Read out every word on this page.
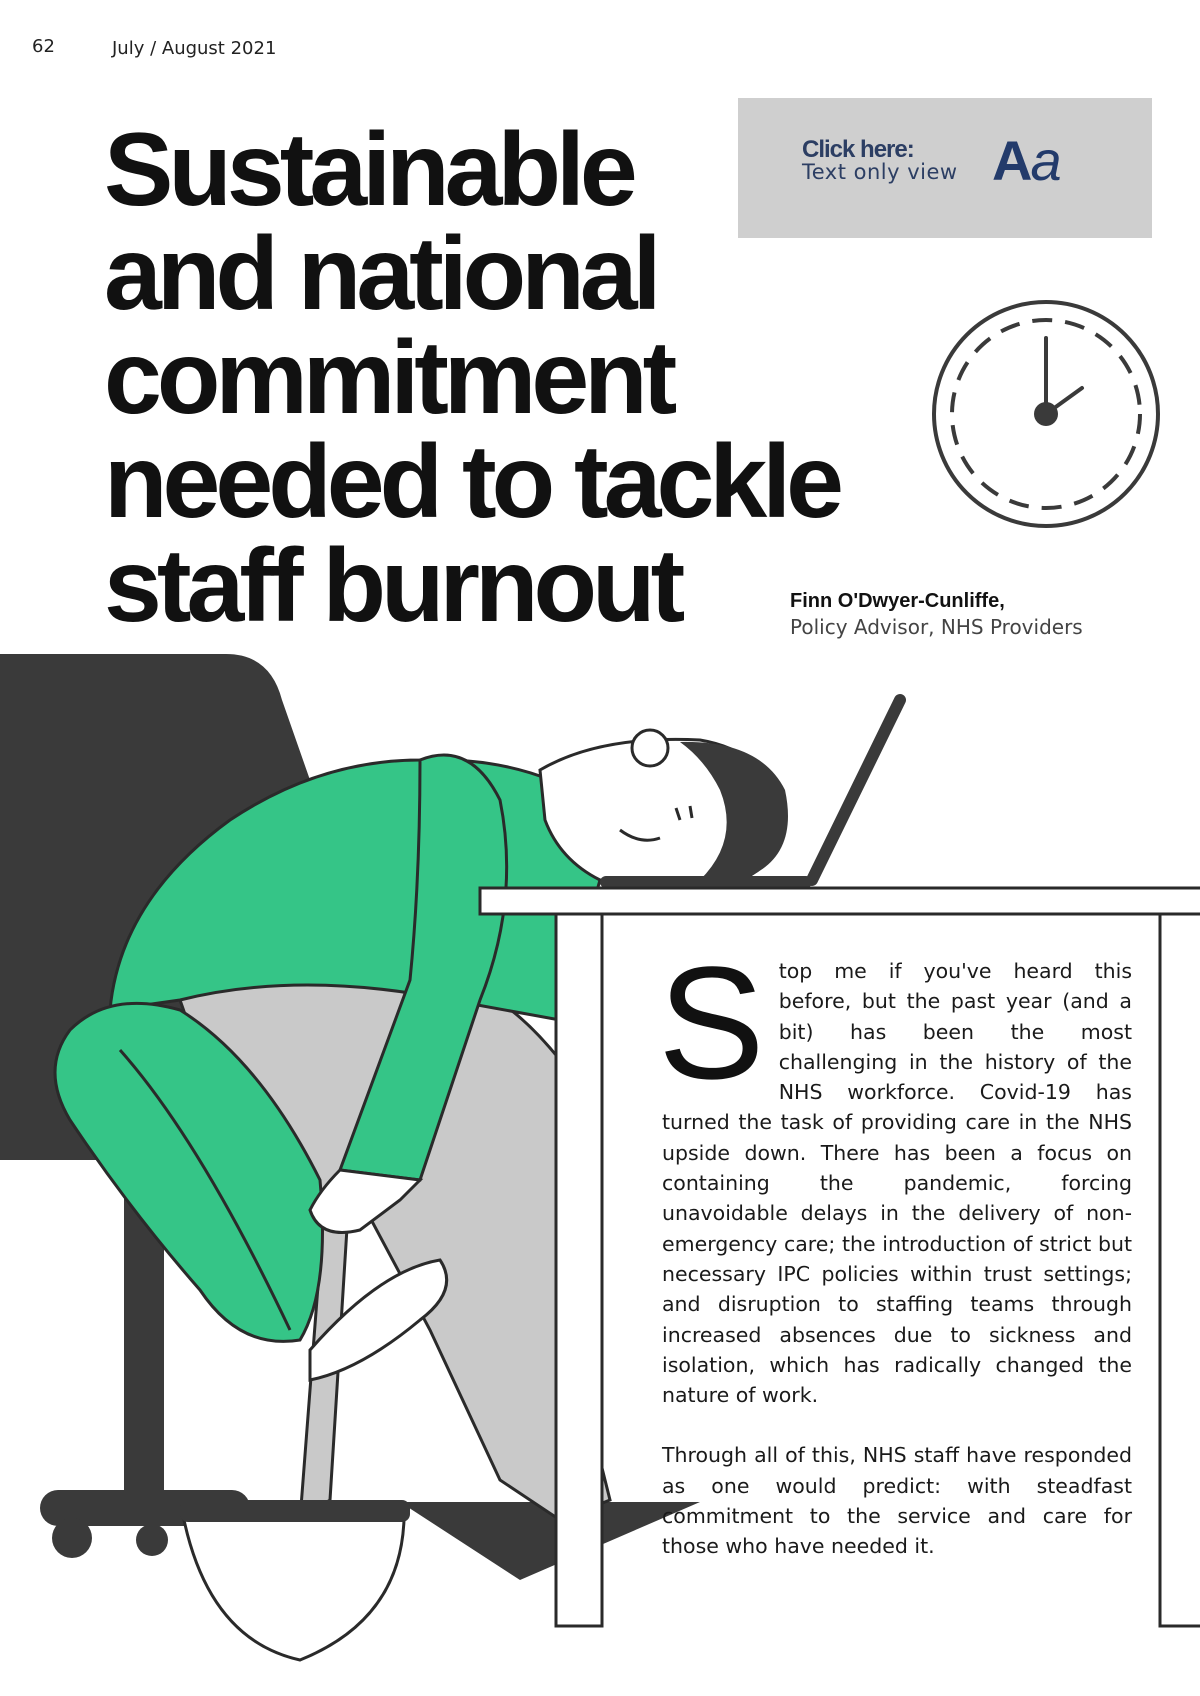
62	July / August 2021
Sustainable
and national
commitment
needed to tackle
staff burnout
Click here:
Text only view Aa
Finn O'Dwyer-Cunliffe,
Policy Advisor, NHS Providers

Stop me if you've heard this before, but the past year (and a bit) has been the most challenging in the history of the NHS workforce. Covid-19 has turned the task of providing care in the NHS upside down. There has been a focus on containing the pandemic, forcing unavoidable delays in the delivery of non-emergency care; the introduction of strict but necessary IPC policies within trust settings; and disruption to staffing teams through increased absences due to sickness and isolation, which has radically changed the nature of work.

Through all of this, NHS staff have responded as one would predict: with steadfast commitment to the service and care for those who have needed it.
